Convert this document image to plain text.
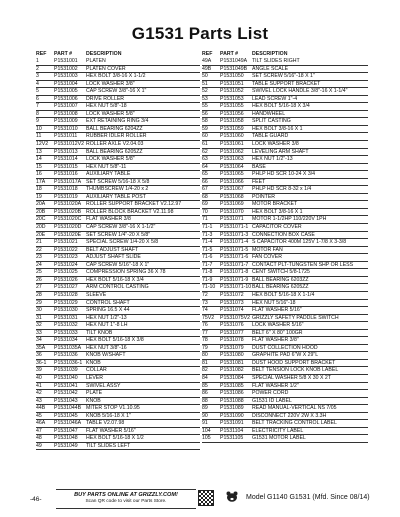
G1531 Parts List
REF	PART #	DESCRIPTION
1	P1531001	PLATEN
2	P1531002	PLATEN COVER
3	P1531003	HEX BOLT 3/8-16 X 1-1/2
4	P1531004	LOCK WASHER 3/8"
5	P1531005	CAP SCREW 3/8"-16 X 1"
6	P1531006	DRIVE ROLLER
7	P1531007	HEX NUT 5/8"-18
8	P1531008	LOCK WASHER 5/8"
9	P1531009	EXT RETAINING RING 3/4
10	P1531010	BALL BEARING 6204ZZ
11	P1531011	RUBBER IDLER ROLLER
12V2	P1531012V2 ROLLER AXLE V2.04.03
13	P1531013	BALL BEARING 6205ZZ
14	P1531014	LOCK WASHER 5/8"
15	P1531015	HEX NUT 5/8"-11
16	P1531016	AUXILIARY TABLE
17A	P1531017A SET SCREW 5/16-18 X 5/8
18	P1531018	THUMBSCREW 1/4-20 x 2
19	P1531019	AUXILIARY TABLE POST
20A	P1531020A ROLLER SUPPORT BRACKET V2.12.97
20B	P1531020B ROLLER BLOCK BRACKET V2.11.98
20C	P1531020C FLAT WASHER 3/8
20D	P1531020D CAP SCREW 3/8"-16 X 1-1/2"
20E	P1531020E SET SCREW 1/4"-20 X 5/8"
21	P1531021	SPECIAL SCREW 1/4-20 X 5/8
22	P1531022	BELT ADJUST SHAFT
23	P1531023	ADJUST SHAFT SLIDE
24	P1531024	CAP SCREW 5/16"-18 X 1"
25	P1531025	COMPRESSION SPRING 36 X 78
26	P1531026	HEX BOLT 5/16-18 X 3/4
27	P1531027	ARM CONTROL CASTING
28	P1531028	SLEEVE
29	P1531029	CONTROL SHAFT
30	P1531030	SPRING 16.5 X 44
31	P1531031	HEX NUT 1/2"-13
32	P1531032	HEX NUT 1"-8 LH
33	P1531033	TILT KNOB
34	P1531034	HEX BOLT 5/16-18 X 3/8
35A	P1531035A HEX NUT 3/8"-16
36	P1531036	KNOB W/SHAFT
36-1	P1531036-1 KNOB
39	P1531039	COLLAR
40	P1531040	LEVER
41	P1531041	SWIVEL ASSY
42	P1531042	PLATE
43	P1531043	KNOB
44B	P1531044B MITER STOP V1.10.95
45	P1531045	KNOB 5/16-18 X 1"
46A	P1531046A TABLE V2.07.98
47	P1531047	FLAT WASHER 5/16"
48	P1531048	HEX BOLT 5/16-18 X 1/2
49	P1531049	TILT SLIDES LEFT
REF	PART #	DESCRIPTION
49A	P1531049A TILT SLIDES RIGHT
49B	P1531049B ANGLE SCALE
50	P1531050	SET SCREW 5/16"-18 X 1"
51	P1531051	TABLE SUPPORT BRACKET
52	P1531052	SWIVEL LOCK HANDLE 3/8"-16 X 1-1/4"
53	P1531053	LEAD SCREW 1"-4
55	P1531055	HEX BOLT 5/16-18 X 3/4
56	P1531056	HANDWHEEL
58	P1531058	SPLIT CASTING
59	P1531059	HEX BOLT 3/8-16 X 1
60	P1531060	TABLE GUARD
61	P1531061	LOCK WASHER 3/8
62	P1531062	LEVELING ARM SHAFT
63	P1531063	HEX NUT 1/2"-13
64	P1531064	BASE
65	P1531065	PHLP HD SCR 10-24 X 3/4
66	P1531066	FEET
67	P1531067	PHLP HD SCR 8-32 x 1/4
68	P1531068	POINTER
69	P1531069	MOTOR BRACKET
70	P1531070	HEX BOLT 3/8-16 X 1
71	P1531071	MOTOR 1-1/2HP 110/220V 1PH
71-1	P1531071-1 CAPACITOR COVER
71-3	P1531071-3 CONNECTION BOX CASE
71-4	P1531071-4 S CAPACITOR 400M 125V 1-7/8 X 3-3/8
71-5	P1531071-5 MOTOR FAN
71-6	P1531071-6 FAN COVER
71-7	P1531071-7 CONTACT PLT-TUNGSTEN SHP OR LESS
71-8	P1531071-8 CENT SWITCH 5/8-1725
71-9	P1531071-9 BALL BEARING 6203ZZ
71-10 P1531071-10 BALL BEARING 6205ZZ
72	P1531072	HEX BOLT 5/16-18 X 1-1/4
73	P1531073	HEX NUT 5/16"-18
74	P1531074	FLAT WASHER 5/16"
75V2	P1531075V2 GRIZZLY SAFETY PADDLE SWITCH
76	P1531076	LOCK WASHER 5/16"
77	P1531077	BELT 6" X 80" 100GR
78	P1531078	FLAT WASHER 3/8"
79	P1531079	DUST COLLECTION HOOD
80	P1531080	GRAPHITE PAD 6"W X 29"L
81	P1531081	DUST HOOD SUPPORT BRACKET
82	P1531082	BELT TENSION LOCK KNOB LABEL
84	P1531084	SPECIAL WASHER 5/8 X 30 X 2T
85	P1531085	FLAT WASHER 1/2"
86	P1531086	POWER CORD
88	P1531088	G1531 ID LABEL
89	P1531089	READ MANUAL-VERTICAL NS 7/05
90	P1531090	DISCONNECT 220V 2W X 3.3H
91	P1531091	BELT TRACKING CONTROL LABEL
104	P1531104	ELECTRICITY LABEL
105	P1531105	G1531 MOTOR LABEL
-46-
BUY PARTS ONLINE AT GRIZZLY.COM!
Scan QR code to visit our Parts Store.
Model G1140 G1531 (Mfd. Since 08/14)
